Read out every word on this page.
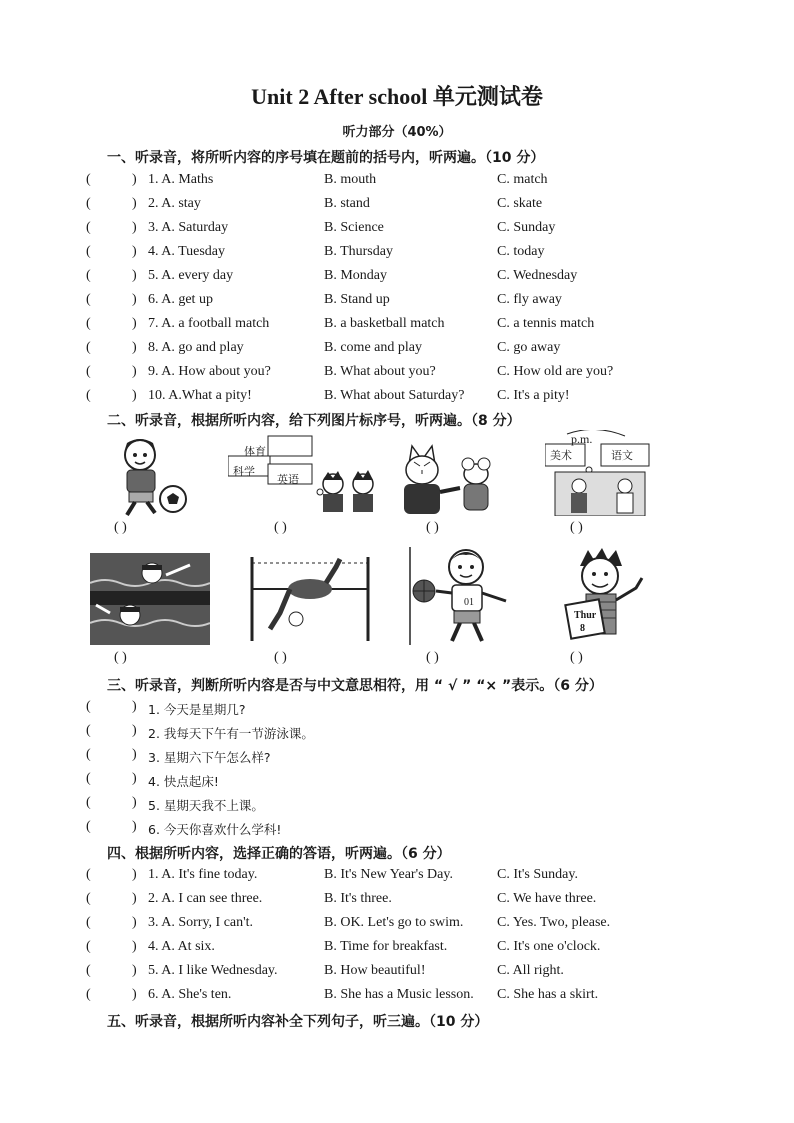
Unit 2 After school 单元测试卷
听力部分（40%）
一、听录音，将所听内容的序号填在题前的括号内，听两遍。（10 分）
(	) 1. A. Maths	B. mouth	C. match
(	) 2. A. stay	B. stand	C. skate
(	) 3. A. Saturday	B. Science	C. Sunday
(	) 4. A. Tuesday	B. Thursday	C. today
(	) 5. A. every day	B. Monday	C. Wednesday
(	) 6. A. get up	B. Stand up	C. fly away
(	) 7. A. a football match	B. a basketball match	C. a tennis match
(	) 8. A. go and play	B. come and play	C. go away
(	) 9. A. How about you?	B. What about you?	C. How old are you?
(	) 10. A.What a pity!	B. What about Saturday? C. It's a pity!
二、听录音，根据所听内容，给下列图片标序号，听两遍。（8 分）
体育
科学
英语
p.m.
美术	语文
( )	( )	( )	( )
01
Thur
8
( )	( )	( )	( )
三、听录音，判断所听内容是否与中文意思相符，用 “ √ ” “× ”表示。（6 分）
(	) 1. 今天是星期几?
(	) 2. 我每天下午有一节游泳课。
(	) 3. 星期六下午怎么样?
(	) 4. 快点起床!
(	) 5. 星期天我不上课。
(	) 6. 今天你喜欢什么学科!
四、根据所听内容，选择正确的答语，听两遍。（6 分）
(	) 1. A. It's fine today.	B. It's New Year's Day.	C. It's Sunday.
(	) 2. A. I can see three.	B. It's three.	C. We have three.
(	) 3. A. Sorry, I can't.	B. OK. Let's go to swim. C. Yes. Two, please.
(	) 4. A. At six.	B. Time for breakfast.	C. It's one o'clock.
(	) 5. A. I like Wednesday.	B. How beautiful!	C. All right.
(	) 6. A. She's ten.	B. She has a Music lesson. C. She has a skirt.
五、听录音，根据所听内容补全下列句子，听三遍。（10 分）
